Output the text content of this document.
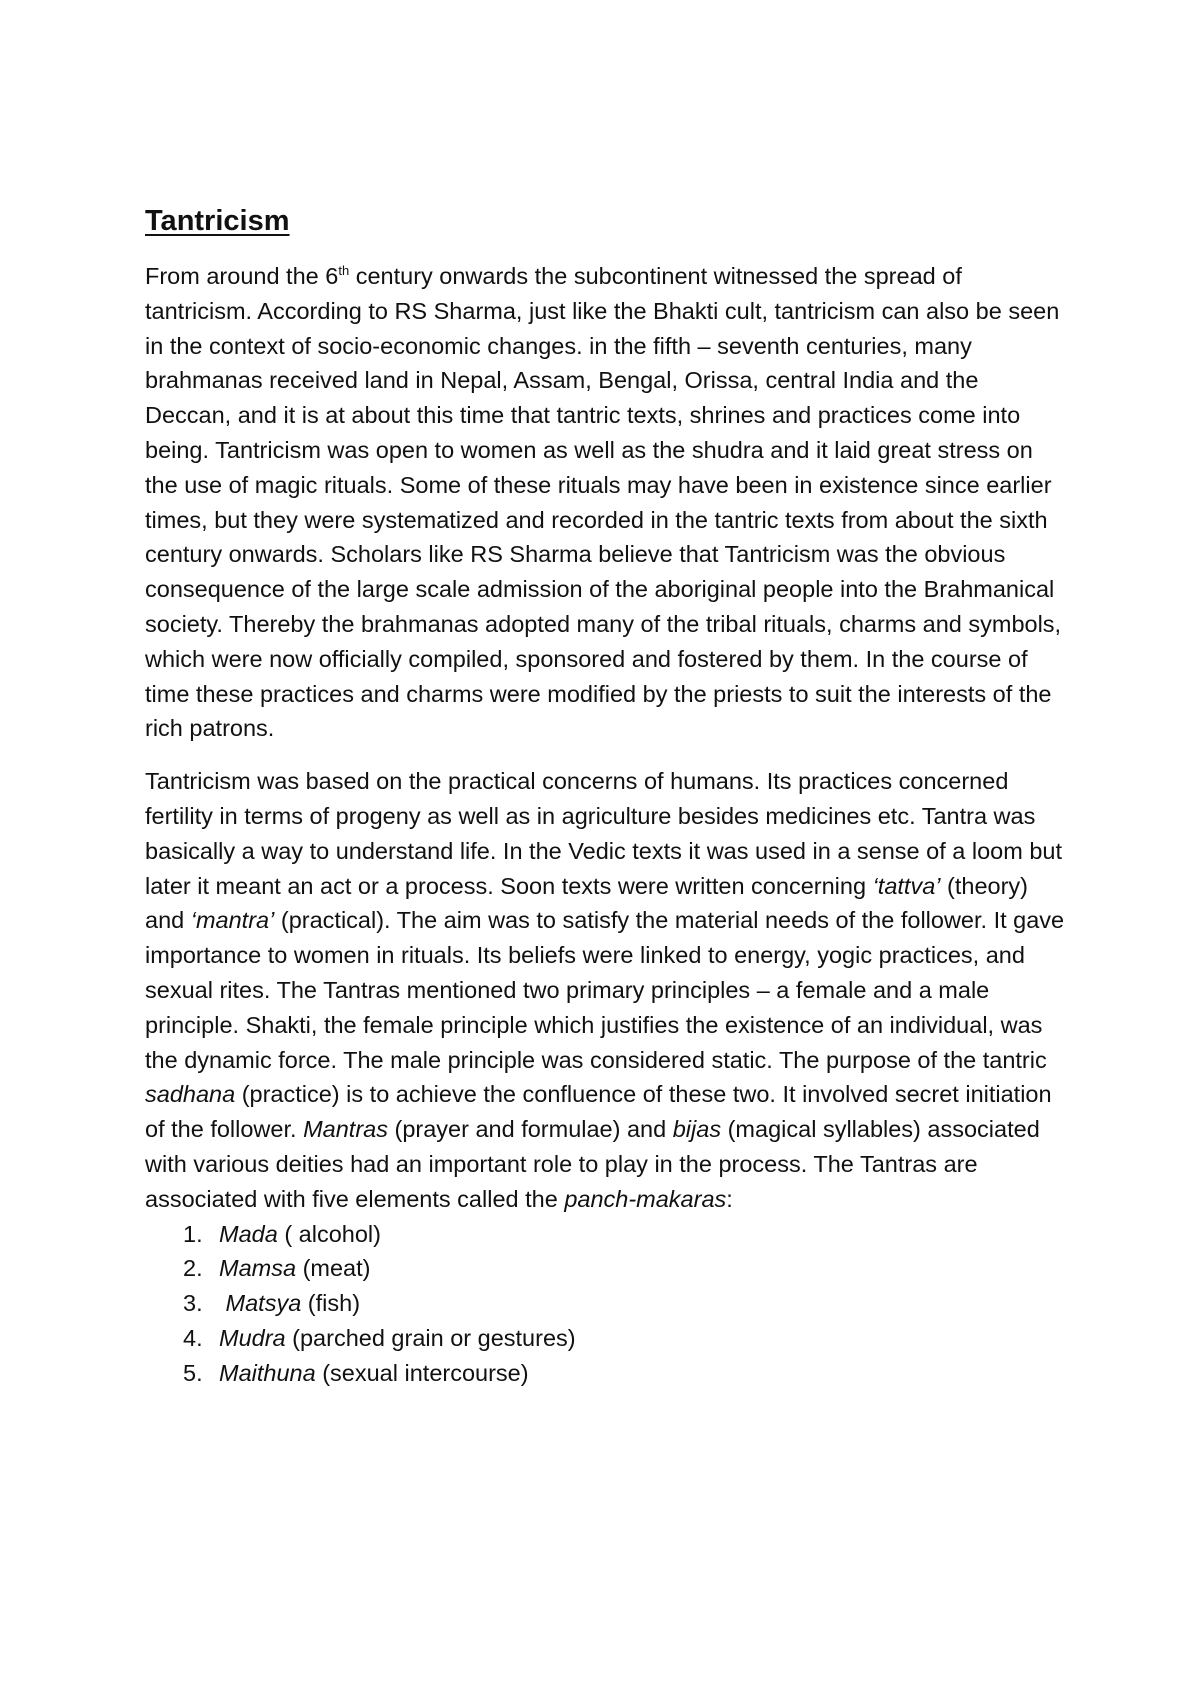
Tantricism

From around the 6th century onwards the subcontinent witnessed the spread of tantricism. According to RS Sharma, just like the Bhakti cult, tantricism can also be seen in the context of socio-economic changes. in the fifth – seventh centuries, many brahmanas received land in Nepal, Assam, Bengal, Orissa, central India and the Deccan, and it is at about this time that tantric texts, shrines and practices come into being. Tantricism was open to women as well as the shudra and it laid great stress on the use of magic rituals. Some of these rituals may have been in existence since earlier times, but they were systematized and recorded in the tantric texts from about the sixth century onwards. Scholars like RS Sharma believe that Tantricism was the obvious consequence of the large scale admission of the aboriginal people into the Brahmanical society. Thereby the brahmanas adopted many of the tribal rituals, charms and symbols, which were now officially compiled, sponsored and fostered by them. In the course of time these practices and charms were modified by the priests to suit the interests of the rich patrons.

Tantricism was based on the practical concerns of humans. Its practices concerned fertility in terms of progeny as well as in agriculture besides medicines etc. Tantra was basically a way to understand life. In the Vedic texts it was used in a sense of a loom but later it meant an act or a process. Soon texts were written concerning ‘tattva’ (theory) and ‘mantra’ (practical). The aim was to satisfy the material needs of the follower. It gave importance to women in rituals. Its beliefs were linked to energy, yogic practices, and sexual rites. The Tantras mentioned two primary principles – a female and a male principle. Shakti, the female principle which justifies the existence of an individual, was the dynamic force. The male principle was considered static. The purpose of the tantric sadhana (practice) is to achieve the confluence of these two. It involved secret initiation of the follower. Mantras (prayer and formulae) and bijas (magical syllables) associated with various deities had an important role to play in the process. The Tantras are associated with five elements called the panch-makaras:

1. Mada ( alcohol)
2. Mamsa (meat)
3. Matsya (fish)
4. Mudra (parched grain or gestures)
5. Maithuna (sexual intercourse)
